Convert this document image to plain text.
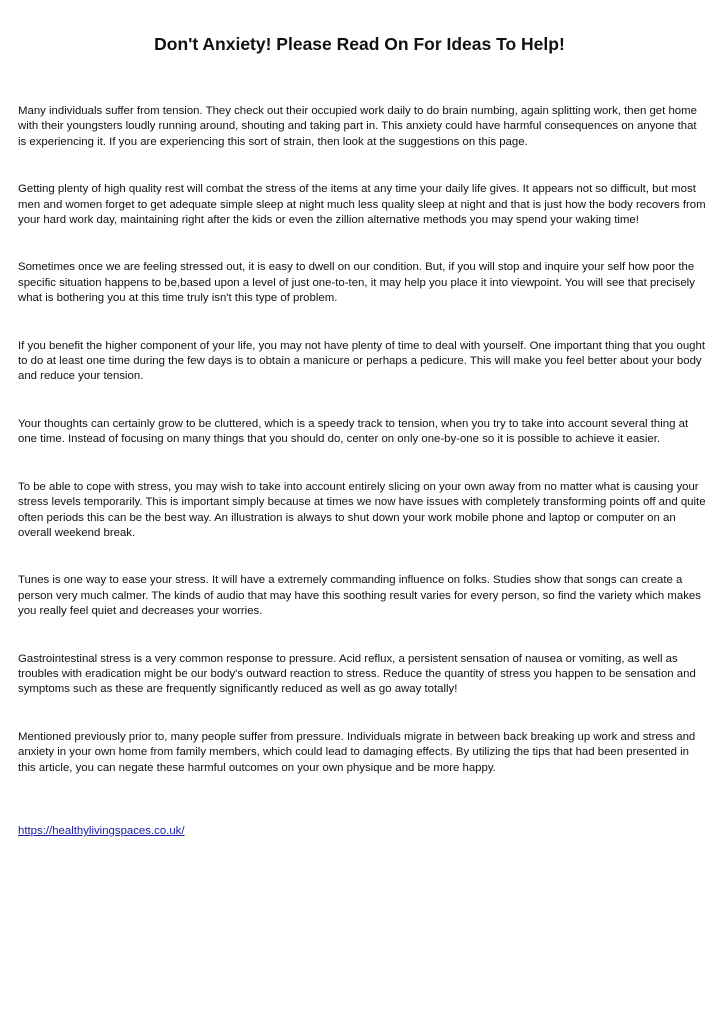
Don't Anxiety! Please Read On For Ideas To Help!

Many individuals suffer from tension. They check out their occupied work daily to do brain numbing, again splitting work, then get home with their youngsters loudly running around, shouting and taking part in. This anxiety could have harmful consequences on anyone that is experiencing it. If you are experiencing this sort of strain, then look at the suggestions on this page.

Getting plenty of high quality rest will combat the stress of the items at any time your daily life gives. It appears not so difficult, but most men and women forget to get adequate simple sleep at night much less quality sleep at night and that is just how the body recovers from your hard work day, maintaining right after the kids or even the zillion alternative methods you may spend your waking time!

Sometimes once we are feeling stressed out, it is easy to dwell on our condition. But, if you will stop and inquire your self how poor the specific situation happens to be,based upon a level of just one-to-ten, it may help you place it into viewpoint. You will see that precisely what is bothering you at this time truly isn't this type of problem.

If you benefit the higher component of your life, you may not have plenty of time to deal with yourself. One important thing that you ought to do at least one time during the few days is to obtain a manicure or perhaps a pedicure. This will make you feel better about your body and reduce your tension.

Your thoughts can certainly grow to be cluttered, which is a speedy track to tension, when you try to take into account several thing at one time. Instead of focusing on many things that you should do, center on only one-by-one so it is possible to achieve it easier.

To be able to cope with stress, you may wish to take into account entirely slicing on your own away from no matter what is causing your stress levels temporarily. This is important simply because at times we now have issues with completely transforming points off and quite often periods this can be the best way. An illustration is always to shut down your work mobile phone and laptop or computer on an overall weekend break.

Tunes is one way to ease your stress. It will have a extremely commanding influence on folks. Studies show that songs can create a person very much calmer. The kinds of audio that may have this soothing result varies for every person, so find the variety which makes you really feel quiet and decreases your worries.

Gastrointestinal stress is a very common response to pressure. Acid reflux, a persistent sensation of nausea or vomiting, as well as troubles with eradication might be our body's outward reaction to stress. Reduce the quantity of stress you happen to be sensation and symptoms such as these are frequently significantly reduced as well as go away totally!

Mentioned previously prior to, many people suffer from pressure. Individuals migrate in between back breaking up work and stress and anxiety in your own home from family members, which could lead to damaging effects. By utilizing the tips that had been presented in this article, you can negate these harmful outcomes on your own physique and be more happy.

https://healthylivingspaces.co.uk/
